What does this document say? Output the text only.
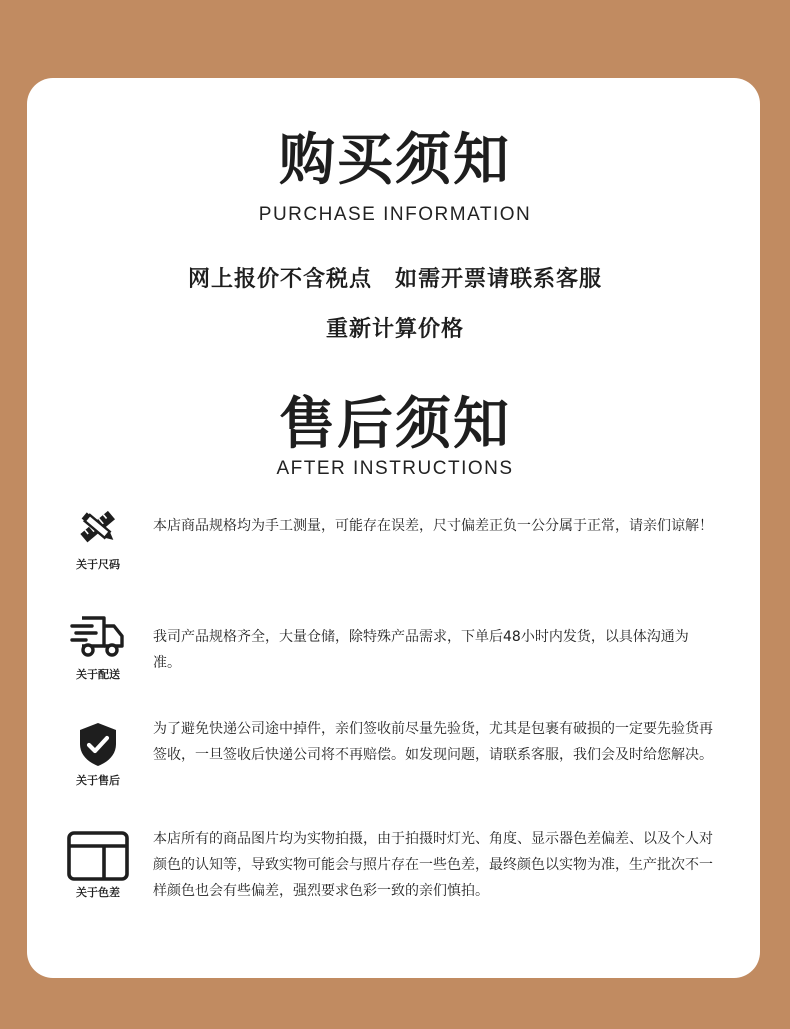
购买须知
PURCHASE INFORMATION
网上报价不含税点　如需开票请联系客服
重新计算价格
售后须知
AFTER INSTRUCTIONS
关于尺码
本店商品规格均为手工测量，可能存在误差，尺寸偏差正负一公分属于正常，请亲们谅解！
关于配送
我司产品规格齐全，大量仓储，除特殊产品需求，下单后48小时内发货，以具体沟通为准。
关于售后
为了避免快递公司途中掉件，亲们签收前尽量先验货，尤其是包裹有破损的一定要先验货再签收，一旦签收后快递公司将不再赔偿。如发现问题，请联系客服，我们会及时给您解决。
关于色差
本店所有的商品图片均为实物拍摄，由于拍摄时灯光、角度、显示器色差偏差、以及个人对颜色的认知等，导致实物可能会与照片存在一些色差，最终颜色以实物为准，生产批次不一样颜色也会有些偏差，强烈要求色彩一致的亲们慎拍。
